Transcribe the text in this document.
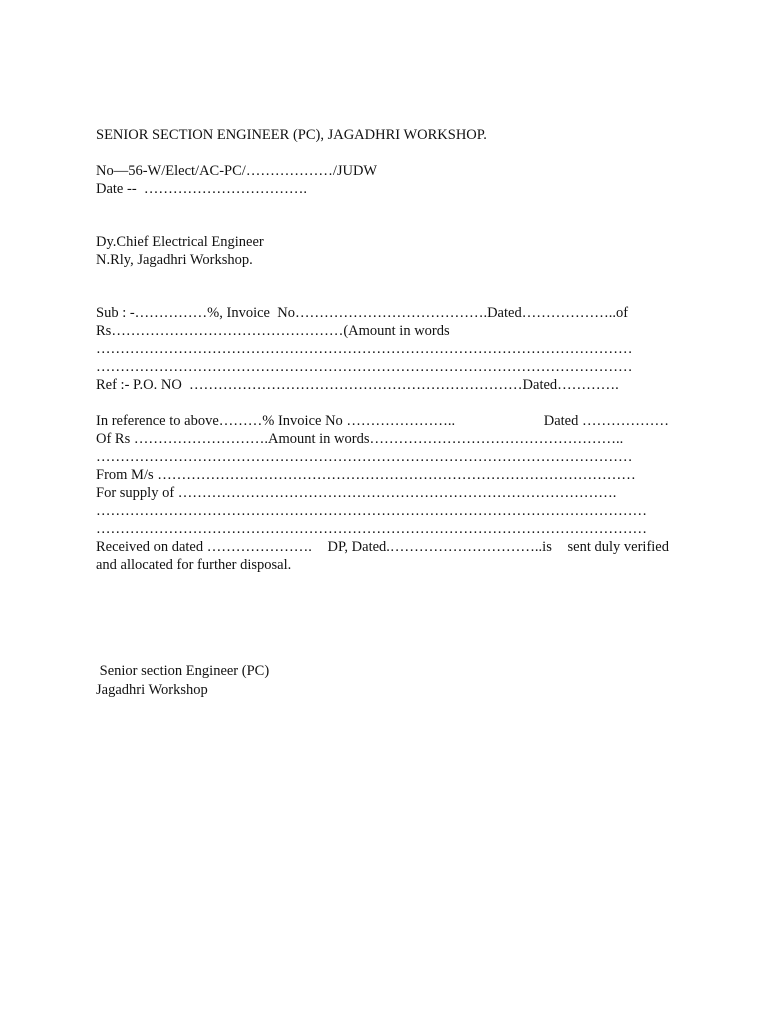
SENIOR SECTION ENGINEER (PC), JAGADHRI WORKSHOP.
No—56-W/Elect/AC-PC/………………/JUDW
Date --  …………………………….
Dy.Chief Electrical Engineer
N.Rly, Jagadhri Workshop.
Sub : -……………%, Invoice  No………………………………….Dated………………..of
Rs…………………………………………(Amount in words
…………………………………………………………………………………………………
…………………………………………………………………………………………………
Ref :- P.O. NO  ……………………………………………………………Dated………….
In reference to above………% Invoice No …………………..	Dated ………………
Of Rs ……………………….Amount in words……………………………………………..
…………………………………………………………………………………………………
From M/s ………………………………………………………………………………………
For supply of ……………………………………………………………………………….
……………………………………………………………………………………………………
……………………………………………………………………………………………………
Received on dated …………………. DP, Dated.…………………………..is sent duly verified
and allocated for further disposal.
Senior section Engineer (PC)
Jagadhri Workshop
